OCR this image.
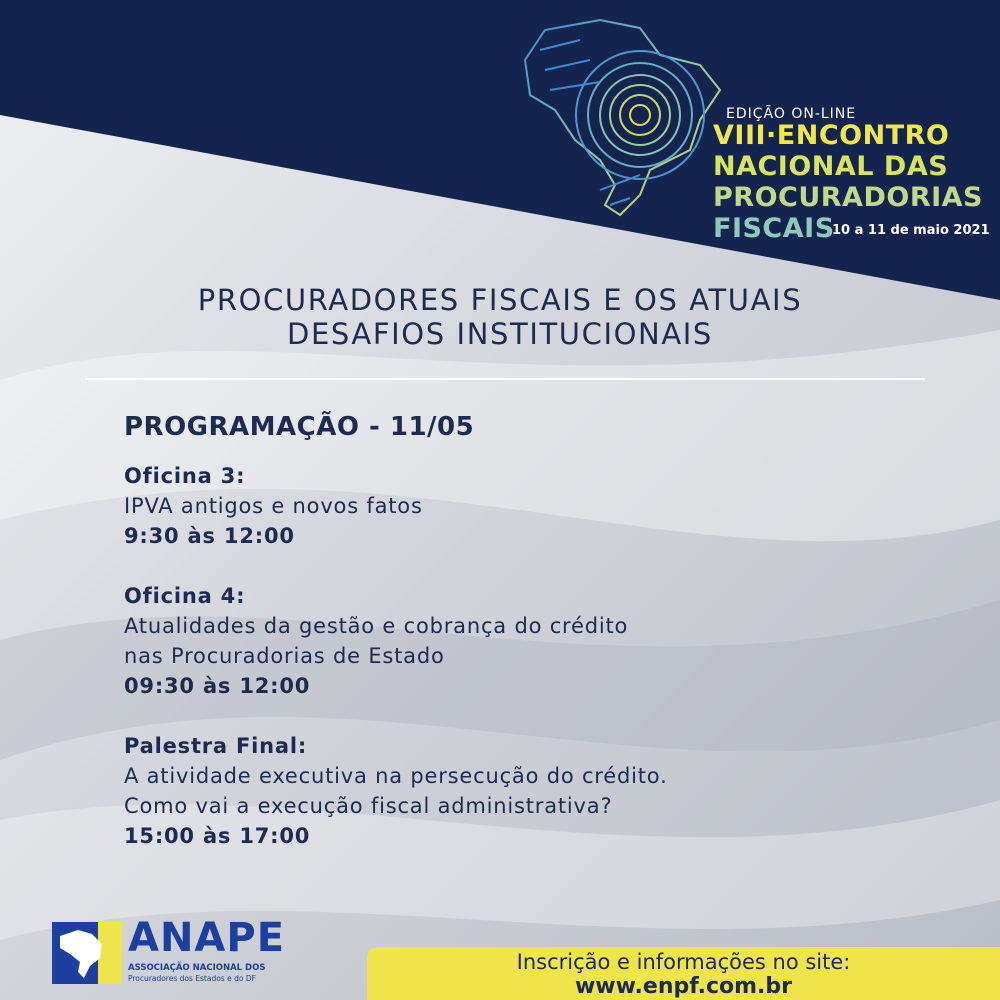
EDIÇÃO ON-LINE
VIII·ENCONTRO
NACIONAL DAS
PROCURADORIAS
FISCAIS
10 a 11 de maio 2021
PROCURADORES FISCAIS E OS ATUAIS
DESAFIOS INSTITUCIONAIS
PROGRAMAÇÃO - 11/05
Oficina 3:
IPVA antigos e novos fatos
9:30 às 12:00
Oficina 4:
Atualidades da gestão e cobrança do crédito
nas Procuradorias de Estado
09:30 às 12:00
Palestra Final:
A atividade executiva na persecução do crédito.
Como vai a execução fiscal administrativa?
15:00 às 17:00
ANAPE
ASSOCIAÇÃO NACIONAL DOS
Procuradores dos Estados e do DF
Inscrição e informações no site:
www.enpf.com.br
